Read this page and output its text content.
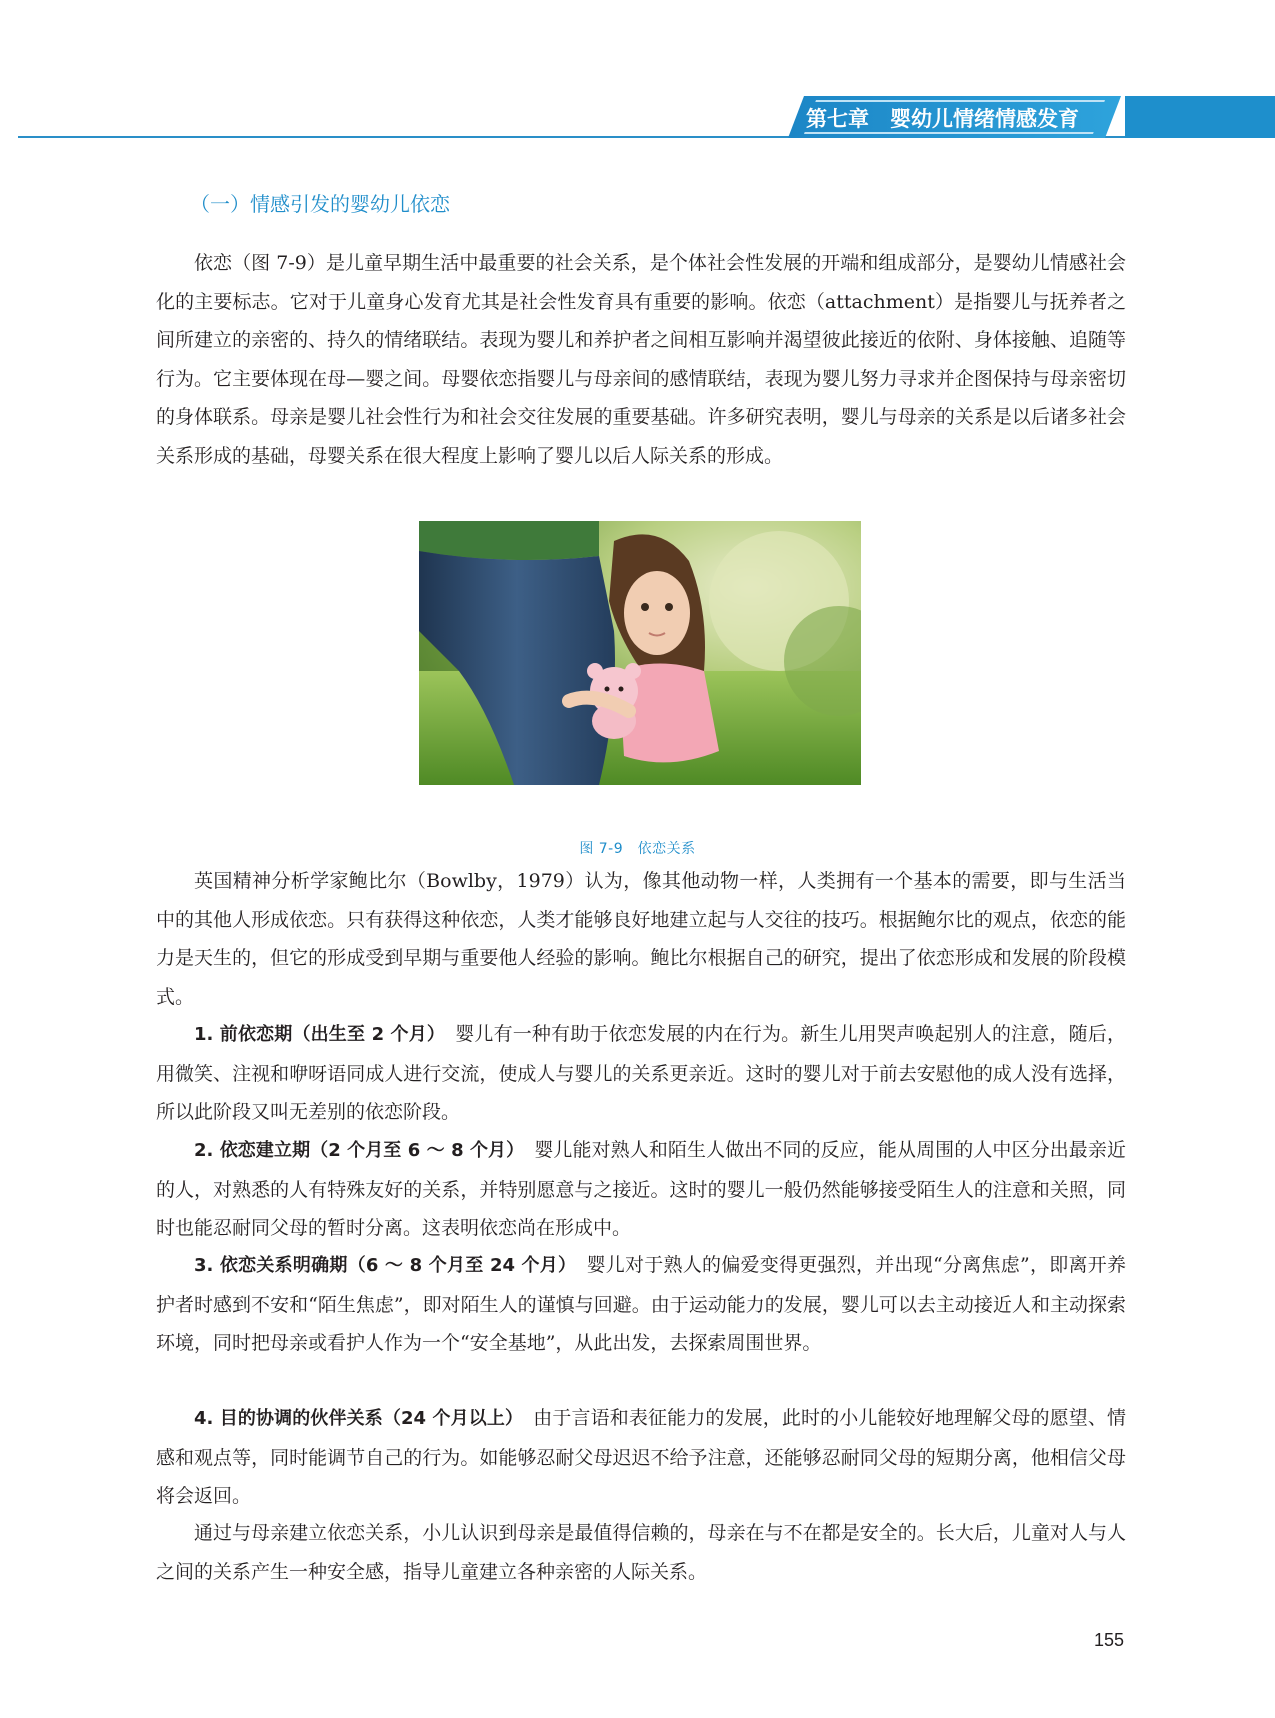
第七章　婴幼儿情绪情感发育
（一）情感引发的婴幼儿依恋

依恋（图 7-9）是儿童早期生活中最重要的社会关系，是个体社会性发展的开端和组成部分，是婴幼儿情感社会化的主要标志。它对于儿童身心发育尤其是社会性发育具有重要的影响。依恋（attachment）是指婴儿与抚养者之间所建立的亲密的、持久的情绪联结。表现为婴儿和养护者之间相互影响并渴望彼此接近的依附、身体接触、追随等行为。它主要体现在母—婴之间。母婴依恋指婴儿与母亲间的感情联结，表现为婴儿努力寻求并企图保持与母亲密切的身体联系。母亲是婴儿社会性行为和社会交往发展的重要基础。许多研究表明，婴儿与母亲的关系是以后诸多社会关系形成的基础，母婴关系在很大程度上影响了婴儿以后人际关系的形成。

图 7-9　依恋关系

英国精神分析学家鲍比尔（Bowlby，1979）认为，像其他动物一样，人类拥有一个基本的需要，即与生活当中的其他人形成依恋。只有获得这种依恋，人类才能够良好地建立起与人交往的技巧。根据鲍尔比的观点，依恋的能力是天生的，但它的形成受到早期与重要他人经验的影响。鲍比尔根据自己的研究，提出了依恋形成和发展的阶段模式。

1. 前依恋期（出生至 2 个月）　 婴儿有一种有助于依恋发展的内在行为。新生儿用哭声唤起别人的注意，随后，用微笑、注视和咿呀语同成人进行交流，使成人与婴儿的关系更亲近。这时的婴儿对于前去安慰他的成人没有选择，所以此阶段又叫无差别的依恋阶段。

2. 依恋建立期（2 个月至 6 ～ 8 个月）　 婴儿能对熟人和陌生人做出不同的反应，能从周围的人中区分出最亲近的人，对熟悉的人有特殊友好的关系，并特别愿意与之接近。这时的婴儿一般仍然能够接受陌生人的注意和关照，同时也能忍耐同父母的暂时分离。这表明依恋尚在形成中。

3. 依恋关系明确期（6 ～ 8 个月至 24 个月）　 婴儿对于熟人的偏爱变得更强烈，并出现“分离焦虑”，即离开养护者时感到不安和“陌生焦虑”，即对陌生人的谨慎与回避。由于运动能力的发展，婴儿可以去主动接近人和主动探索环境，同时把母亲或看护人作为一个“安全基地”，从此出发，去探索周围世界。

4. 目的协调的伙伴关系（24 个月以上）　 由于言语和表征能力的发展，此时的小儿能较好地理解父母的愿望、情感和观点等，同时能调节自己的行为。如能够忍耐父母迟迟不给予注意，还能够忍耐同父母的短期分离，他相信父母将会返回。

通过与母亲建立依恋关系，小儿认识到母亲是最值得信赖的，母亲在与不在都是安全的。长大后，儿童对人与人之间的关系产生一种安全感，指导儿童建立各种亲密的人际关系。

155
